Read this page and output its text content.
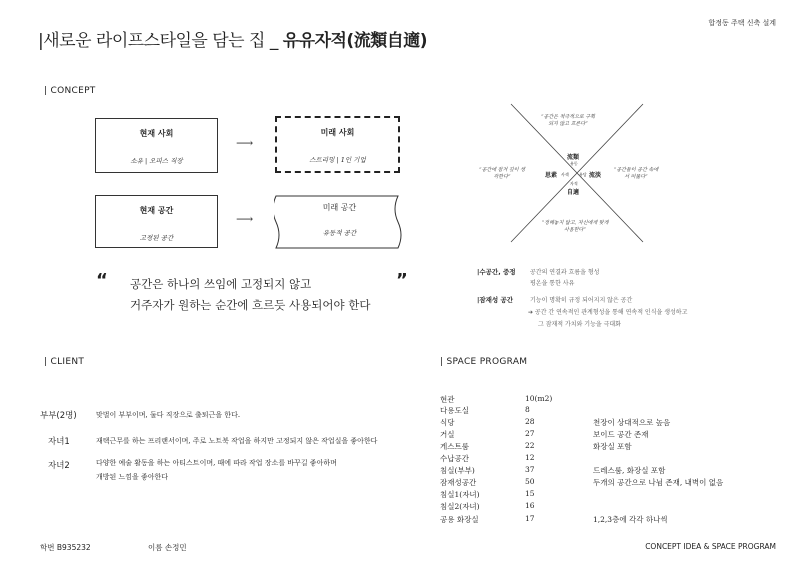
|새로운 라이프스타일을 담는 집 _ 유유자적(流類自適)
합정동 주택 신축 설계
| CONCEPT
현재 사회
소유 | 오피스 직장
⟶
미래 사회
스트리밍 | 1인 기업
현재 공간
고정된 공간
⟶
미래 공간
유동적 공간
“	”
공간은 하나의 쓰임에 고정되지 않고
거주자가 원하는 순간에 흐르듯 사용되어야 한다
流類
思素	流淡
自適
유동
사색	유담
자적
“공간은 적극적으로 구획되지 않고 흐른다”
“공간에 잠겨 깊이 생각한다”
“공간들이 공간 속에서 머묾다”
“정해놓지 않고, 자신에게 맞게 사용한다”
|수공간, 중정 공간의 연결과 흐름을 형성
평온을 통한 사유
|잠재성 공간	기능이 명확히 규정 되어지지 않은 공간
➔ 공간 간 연속적인 관계형성을 통해 연속적 인식을 생성하고
그 잠재적 가치와 기능을 극대화
| CLIENT
부부(2명)	맞벌이 부부이며, 둘다 직장으로 출퇴근을 한다.
자녀1	재택근무를 하는 프리랜서이며, 주로 노트북 작업을 하지만 고정되지 않은 작업실을 좋아한다
자녀2	다양한 예술 활동을 하는 아티스트이며, 때에 따라 작업 장소를 바꾸길 좋아하며
개방된 느낌을 좋아한다
| SPACE PROGRAM
현관	10(m2)
다용도실	8
식당	28	천장이 상대적으로 높음
거실	27	보이드 공간 존재
게스트룸	22	화장실 포함
수납공간	12
침실(부부)	37	드레스룸, 화장실 포함
잠재성공간	50	두개의 공간으로 나뉨 존재, 내벽이 없음
침실1(자녀)	15
침실2(자녀)	16
공용 화장실	17	1,2,3층에 각각 하나씩
학번 B935232	이름 손정민	CONCEPT IDEA & SPACE PROGRAM
